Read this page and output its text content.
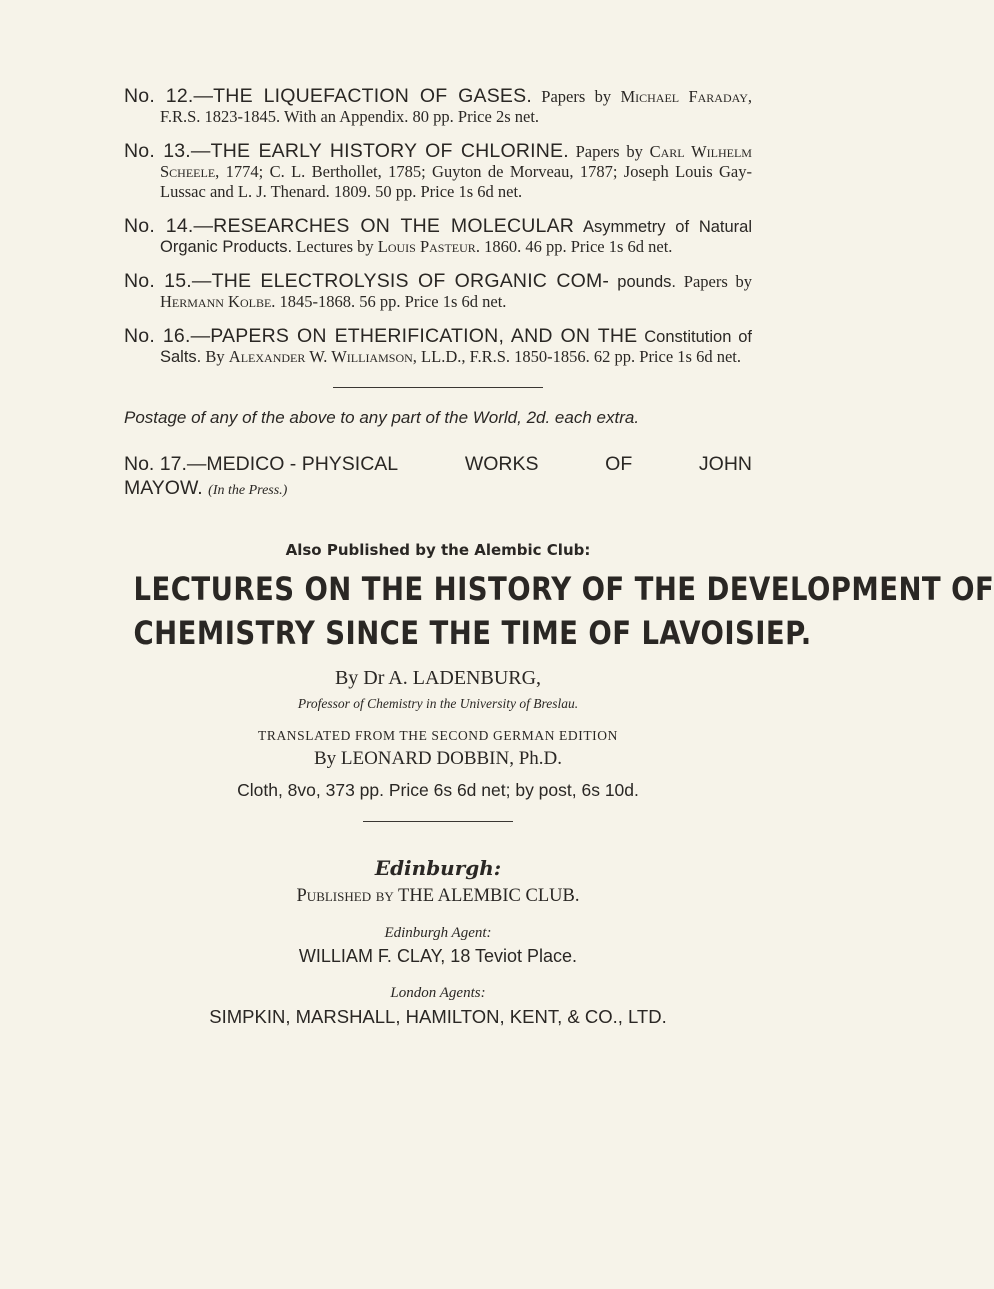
No. 12.—THE LIQUEFACTION OF GASES. Papers by Michael Faraday, F.R.S. 1823-1845. With an Appendix. 80 pp. Price 2s net.

No. 13.—THE EARLY HISTORY OF CHLORINE. Papers by Carl Wilhelm Scheele, 1774; C. L. Berthollet, 1785; Guyton de Morveau, 1787; Joseph Louis Gay-Lussac and L. J. Thenard. 1809. 50 pp. Price 1s 6d net.

No. 14.—RESEARCHES ON THE MOLECULAR Asymmetry of Natural Organic Products. Lectures by Louis Pasteur. 1860. 46 pp. Price 1s 6d net.

No. 15.—THE ELECTROLYSIS OF ORGANIC COM- pounds. Papers by Hermann Kolbe. 1845-1868. 56 pp. Price 1s 6d net.

No. 16.—PAPERS ON ETHERIFICATION, AND ON THE Constitution of Salts. By Alexander W. Williamson, LL.D., F.R.S. 1850-1856. 62 pp. Price 1s 6d net.

Postage of any of the above to any part of the World, 2d. each extra.
No. 17.—MEDICO - PHYSICAL	WORKS	OF	JOHN
MAYOW. (In the Press.)
Also Published by the Alembic Club:
LECTURES ON THE HISTORY OF THE DEVELOPMENT OF
CHEMISTRY SINCE THE TIME OF LAVOISIEP.
By Dr A. LADENBURG,
Professor of Chemistry in the University of Breslau.
TRANSLATED FROM THE SECOND GERMAN EDITION
By LEONARD DOBBIN, Ph.D.
Cloth, 8vo, 373 pp. Price 6s 6d net; by post, 6s 10d.
Edinburgh:
Published by THE ALEMBIC CLUB.
Edinburgh Agent:
WILLIAM F. CLAY, 18 Teviot Place.
London Agents:
SIMPKIN, MARSHALL, HAMILTON, KENT, & CO., LTD.
